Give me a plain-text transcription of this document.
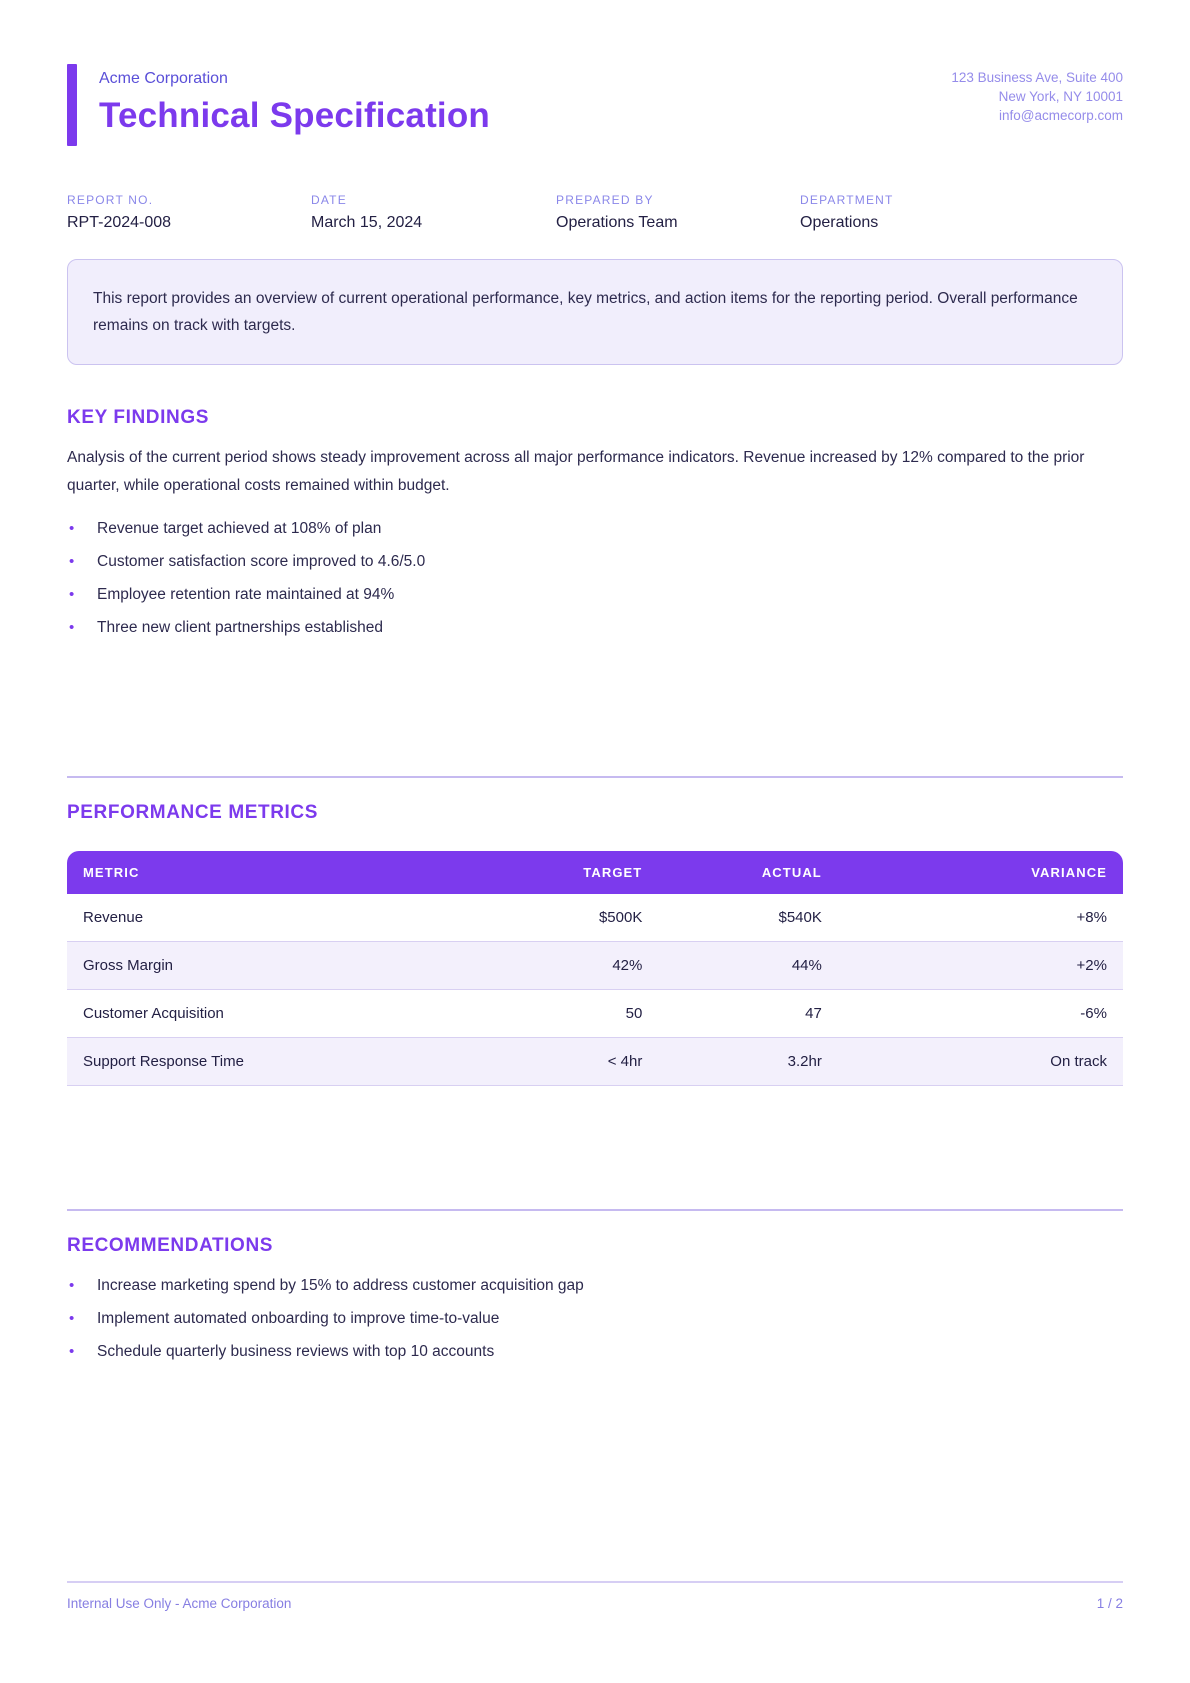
Acme Corporation
Technical Specification
123 Business Ave, Suite 400
New York, NY 10001
info@acmecorp.com
REPORT NO.
RPT-2024-008
DATE
March 15, 2024
PREPARED BY
Operations Team
DEPARTMENT
Operations
This report provides an overview of current operational performance, key metrics, and action items for the reporting period. Overall performance remains on track with targets.
KEY FINDINGS
Analysis of the current period shows steady improvement across all major performance indicators. Revenue increased by 12% compared to the prior quarter, while operational costs remained within budget.
•	Revenue target achieved at 108% of plan
•	Customer satisfaction score improved to 4.6/5.0
•	Employee retention rate maintained at 94%
•	Three new client partnerships established
PERFORMANCE METRICS
METRIC	TARGET	ACTUAL	VARIANCE
Revenue	$500K	$540K	+8%
Gross Margin	42%	44%	+2%
Customer Acquisition	50	47	-6%
Support Response Time	< 4hr	3.2hr	On track
RECOMMENDATIONS
•	Increase marketing spend by 15% to address customer acquisition gap
•	Implement automated onboarding to improve time-to-value
•	Schedule quarterly business reviews with top 10 accounts
Internal Use Only - Acme Corporation	1 / 2
